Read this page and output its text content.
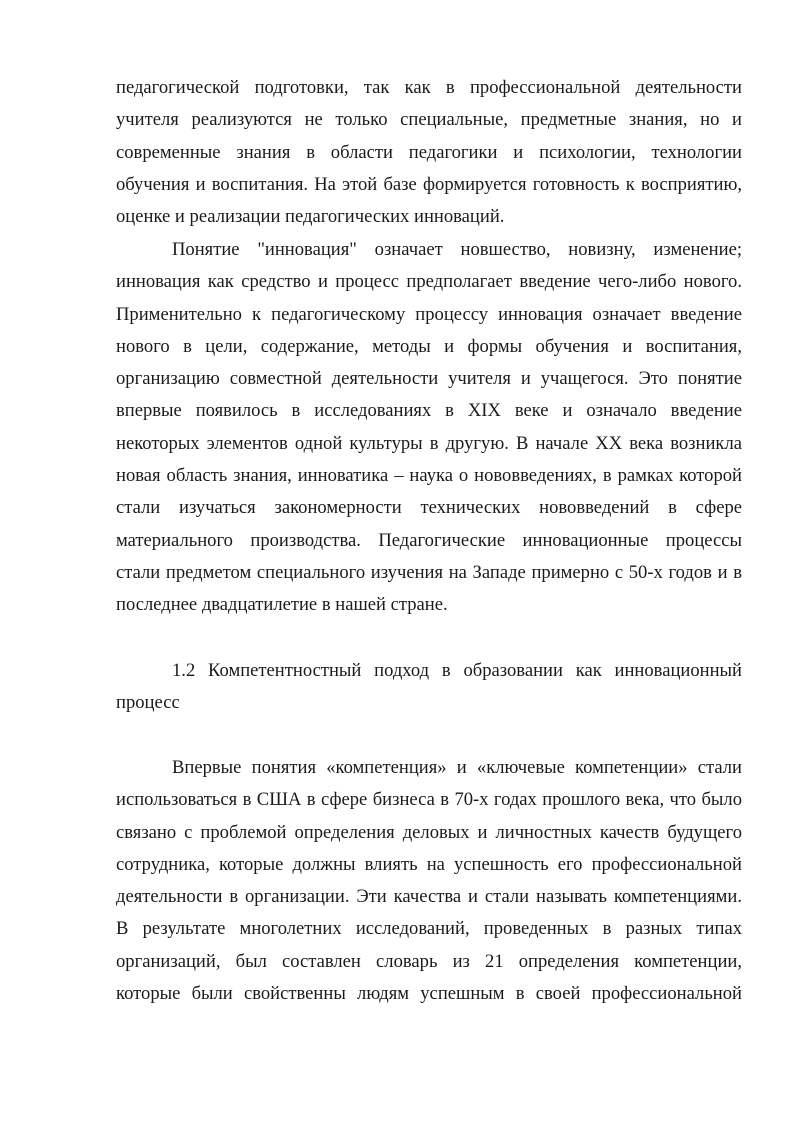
педагогической подготовки, так как в профессиональной деятельности
учителя реализуются не только специальные, предметные знания, но и
современные знания в области педагогики и психологии, технологии
обучения и воспитания. На этой базе формируется готовность к восприятию,
оценке и реализации педагогических инноваций.
Понятие "инновация" означает новшество, новизну, изменение;
инновация как средство и процесс предполагает введение чего-либо нового.
Применительно к педагогическому процессу инновация означает введение
нового в цели, содержание, методы и формы обучения и воспитания,
организацию совместной деятельности учителя и учащегося. Это понятие
впервые появилось в исследованиях в XIX веке и означало введение
некоторых элементов одной культуры в другую. В начале XX века возникла
новая область знания, инноватика – наука о нововведениях, в рамках которой
стали изучаться закономерности технических нововведений в сфере
материального производства. Педагогические инновационные процессы
стали предметом специального изучения на Западе примерно с 50-х годов и в
последнее двадцатилетие в нашей стране.
1.2 Компетентностный подход в образовании как инновационный
процесс
Впервые понятия «компетенция» и «ключевые компетенции» стали
использоваться в США в сфере бизнеса в 70-х годах прошлого века, что было
связано с проблемой определения деловых и личностных качеств будущего
сотрудника, которые должны влиять на успешность его профессиональной
деятельности в организации. Эти качества и стали называть компетенциями.
В результате многолетних исследований, проведенных в разных типах
организаций, был составлен словарь из 21 определения компетенции,
которые были свойственны людям успешным в своей профессиональной
